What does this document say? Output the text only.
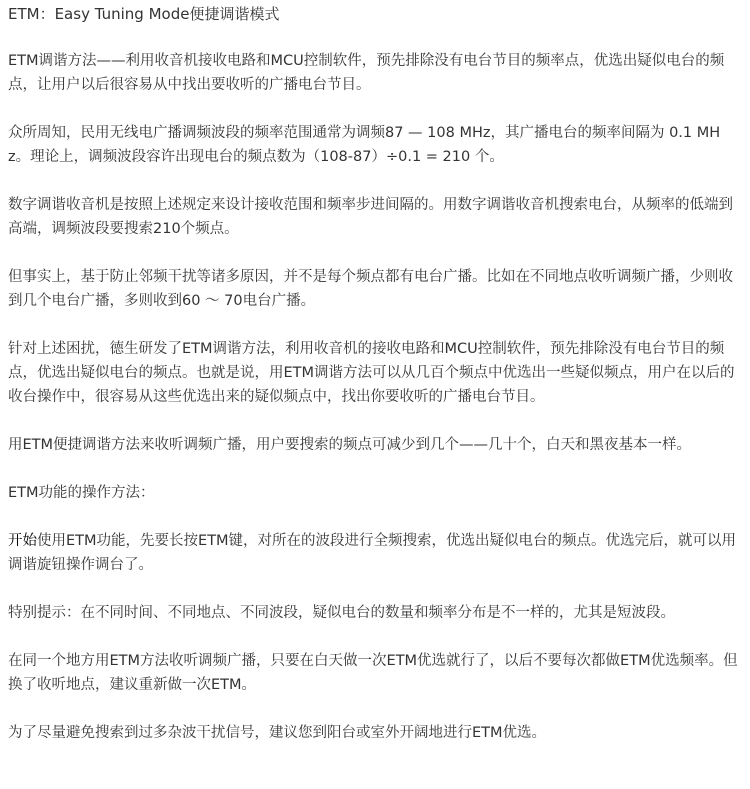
ETM：Easy Tuning Mode便捷调谐模式

ETM调谐方法——利用收音机接收电路和MCU控制软件，预先排除没有电台节目的频率点，优选出疑似电台的频点，让用户以后很容易从中找出要收听的广播电台节目。

众所周知，民用无线电广播调频波段的频率范围通常为调频87 — 108 MHz，其广播电台的频率间隔为 0.1 MHz。理论上，调频波段容许出现电台的频点数为（108-87）÷0.1 = 210 个。

数字调谐收音机是按照上述规定来设计接收范围和频率步进间隔的。用数字调谐收音机搜索电台，从频率的低端到高端，调频波段要搜索210个频点。

但事实上，基于防止邻频干扰等诸多原因，并不是每个频点都有电台广播。比如在不同地点收听调频广播，少则收到几个电台广播，多则收到60 ～ 70电台广播。

针对上述困扰，德生研发了ETM调谐方法，利用收音机的接收电路和MCU控制软件，预先排除没有电台节目的频点，优选出疑似电台的频点。也就是说，用ETM调谐方法可以从几百个频点中优选出一些疑似频点，用户在以后的收台操作中，很容易从这些优选出来的疑似频点中，找出你要收听的广播电台节目。

用ETM便捷调谐方法来收听调频广播，用户要搜索的频点可减少到几个——几十个，白天和黑夜基本一样。

ETM功能的操作方法：

开始使用ETM功能，先要长按ETM键，对所在的波段进行全频搜索，优选出疑似电台的频点。优选完后，就可以用调谐旋钮操作调台了。

特别提示：在不同时间、不同地点、不同波段，疑似电台的数量和频率分布是不一样的，尤其是短波段。

在同一个地方用ETM方法收听调频广播，只要在白天做一次ETM优选就行了，以后不要每次都做ETM优选频率。但换了收听地点，建议重新做一次ETM。

为了尽量避免搜索到过多杂波干扰信号，建议您到阳台或室外开阔地进行ETM优选。
